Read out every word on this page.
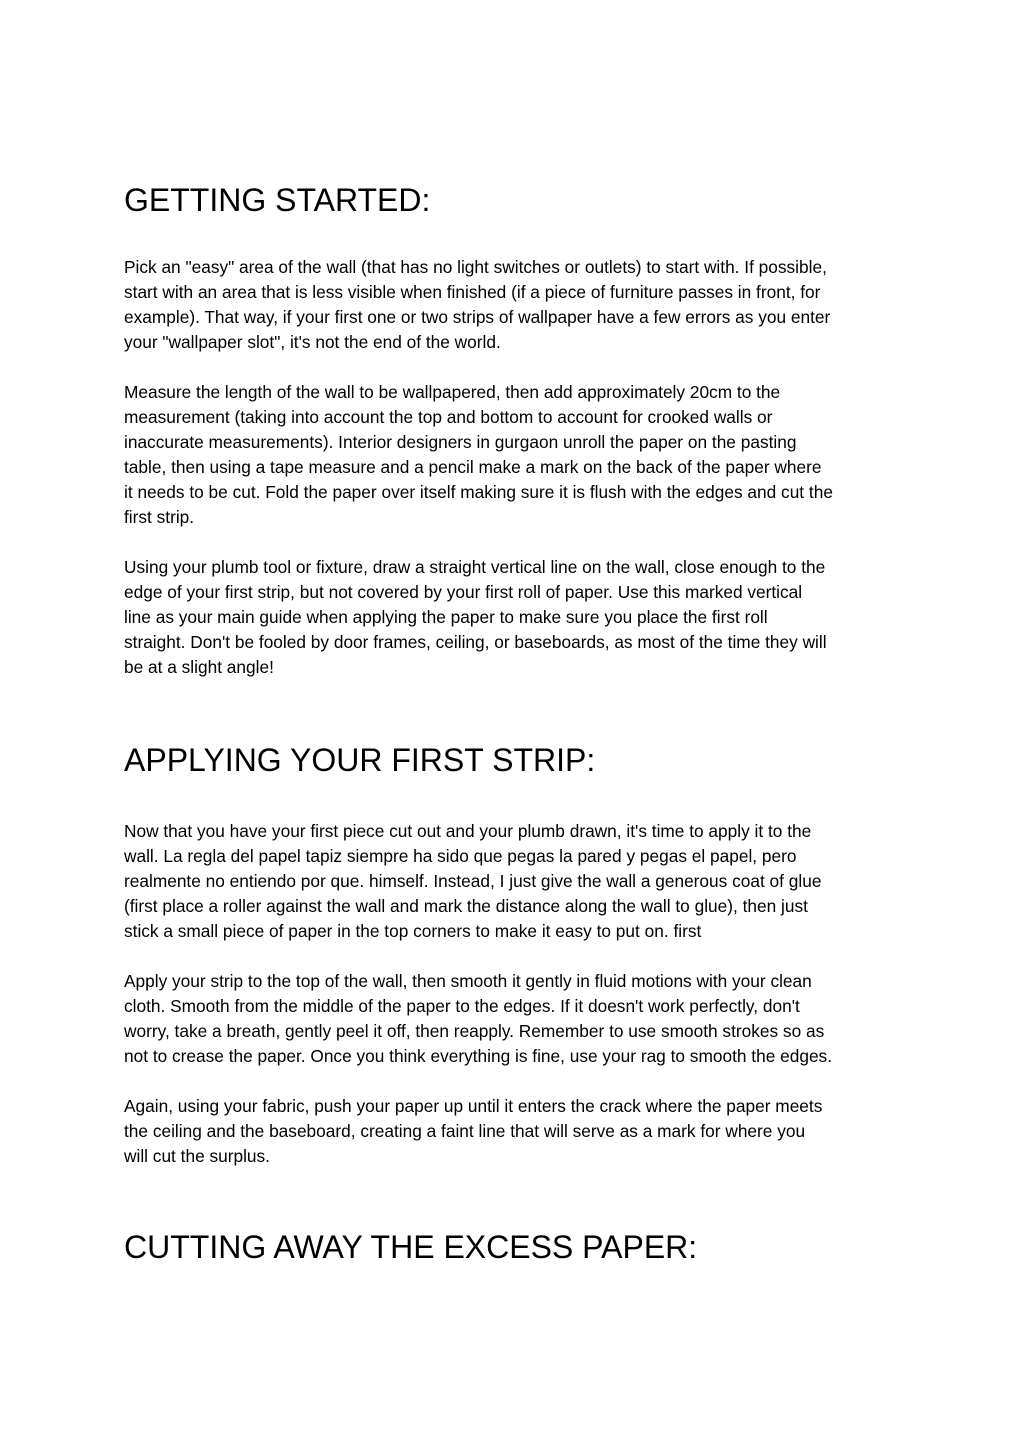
GETTING STARTED:
Pick an "easy" area of the wall (that has no light switches or outlets) to start with. If possible,
start with an area that is less visible when finished (if a piece of furniture passes in front, for
example). That way, if your first one or two strips of wallpaper have a few errors as you enter
your "wallpaper slot", it's not the end of the world.
Measure the length of the wall to be wallpapered, then add approximately 20cm to the
measurement (taking into account the top and bottom to account for crooked walls or
inaccurate measurements). Interior designers in gurgaon unroll the paper on the pasting
table, then using a tape measure and a pencil make a mark on the back of the paper where
it needs to be cut. Fold the paper over itself making sure it is flush with the edges and cut the
first strip.
Using your plumb tool or fixture, draw a straight vertical line on the wall, close enough to the
edge of your first strip, but not covered by your first roll of paper. Use this marked vertical
line as your main guide when applying the paper to make sure you place the first roll
straight. Don't be fooled by door frames, ceiling, or baseboards, as most of the time they will
be at a slight angle!
APPLYING YOUR FIRST STRIP:
Now that you have your first piece cut out and your plumb drawn, it's time to apply it to the
wall. La regla del papel tapiz siempre ha sido que pegas la pared y pegas el papel, pero
realmente no entiendo por que. himself. Instead, I just give the wall a generous coat of glue
(first place a roller against the wall and mark the distance along the wall to glue), then just
stick a small piece of paper in the top corners to make it easy to put on. first
Apply your strip to the top of the wall, then smooth it gently in fluid motions with your clean
cloth. Smooth from the middle of the paper to the edges. If it doesn't work perfectly, don't
worry, take a breath, gently peel it off, then reapply. Remember to use smooth strokes so as
not to crease the paper. Once you think everything is fine, use your rag to smooth the edges.
Again, using your fabric, push your paper up until it enters the crack where the paper meets
the ceiling and the baseboard, creating a faint line that will serve as a mark for where you
will cut the surplus.
CUTTING AWAY THE EXCESS PAPER:
